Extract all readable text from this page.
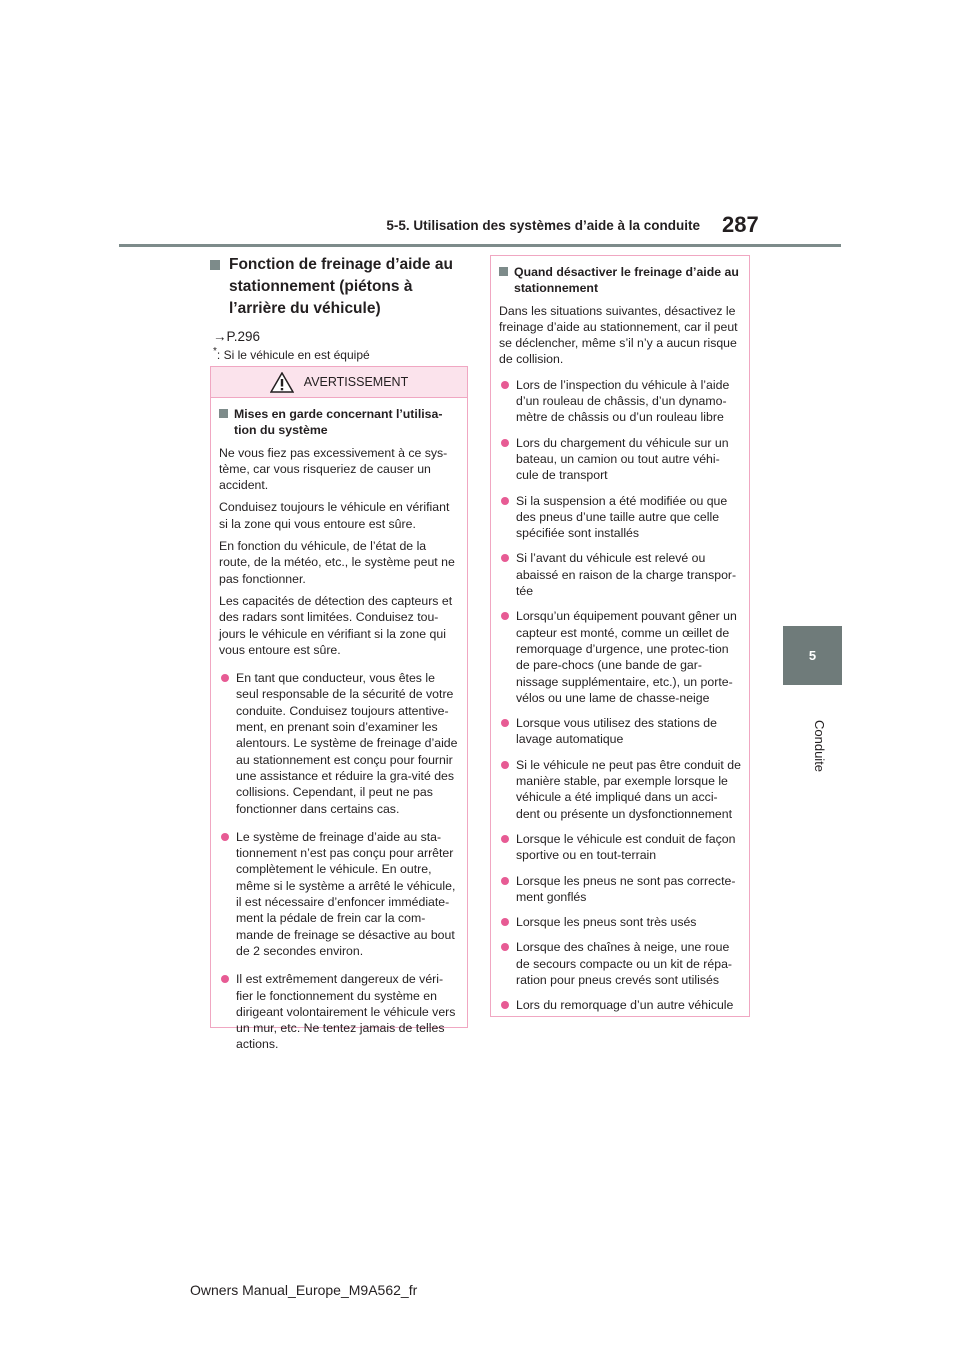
5-5. Utilisation des systèmes d’aide à la conduite 287
5
Conduite
Fonction de freinage d’aide au stationnement (piétons à l’arrière du véhicule)
→P.296
*: Si le véhicule en est équipé
AVERTISSEMENT
Mises en garde concernant l’utilisa-tion du système

Ne vous fiez pas excessivement à ce sys-tème, car vous risqueriez de causer un accident.

Conduisez toujours le véhicule en vérifiant si la zone qui vous entoure est sûre.

En fonction du véhicule, de l’état de la route, de la météo, etc., le système peut ne pas fonctionner.

Les capacités de détection des capteurs et des radars sont limitées. Conduisez tou-jours le véhicule en vérifiant si la zone qui vous entoure est sûre.

En tant que conducteur, vous êtes le seul responsable de la sécurité de votre conduite. Conduisez toujours attentive-ment, en prenant soin d’examiner les alentours. Le système de freinage d’aide au stationnement est conçu pour fournir une assistance et réduire la gra-vité des collisions. Cependant, il peut ne pas fonctionner dans certains cas.
Le système de freinage d’aide au sta-tionnement n’est pas conçu pour arrêter complètement le véhicule. En outre, même si le système a arrêté le véhicule, il est nécessaire d’enfoncer immédiate-ment la pédale de frein car la com-mande de freinage se désactive au bout de 2 secondes environ.
Il est extrêmement dangereux de véri-fier le fonctionnement du système en dirigeant volontairement le véhicule vers un mur, etc. Ne tentez jamais de telles actions.
Quand désactiver le freinage d’aide au stationnement

Dans les situations suivantes, désactivez le freinage d’aide au stationnement, car il peut se déclencher, même s’il n’y a aucun risque de collision.

Lors de l’inspection du véhicule à l’aide d’un rouleau de châssis, d’un dynamo-mètre de châssis ou d’un rouleau libre
Lors du chargement du véhicule sur un bateau, un camion ou tout autre véhi-cule de transport
Si la suspension a été modifiée ou que des pneus d’une taille autre que celle spécifiée sont installés
Si l’avant du véhicule est relevé ou abaissé en raison de la charge transpor-tée
Lorsqu’un équipement pouvant gêner un capteur est monté, comme un œillet de remorquage d’urgence, une protec-tion de pare-chocs (une bande de gar-nissage supplémentaire, etc.), un porte-vélos ou une lame de chasse-neige
Lorsque vous utilisez des stations de lavage automatique
Si le véhicule ne peut pas être conduit de manière stable, par exemple lorsque le véhicule a été impliqué dans un acci-dent ou présente un dysfonctionnement
Lorsque le véhicule est conduit de façon sportive ou en tout-terrain
Lorsque les pneus ne sont pas correcte-ment gonflés
Lorsque les pneus sont très usés
Lorsque des chaînes à neige, une roue de secours compacte ou un kit de répa-ration pour pneus crevés sont utilisés
Lors du remorquage d’un autre véhicule
Owners Manual_Europe_M9A562_fr
